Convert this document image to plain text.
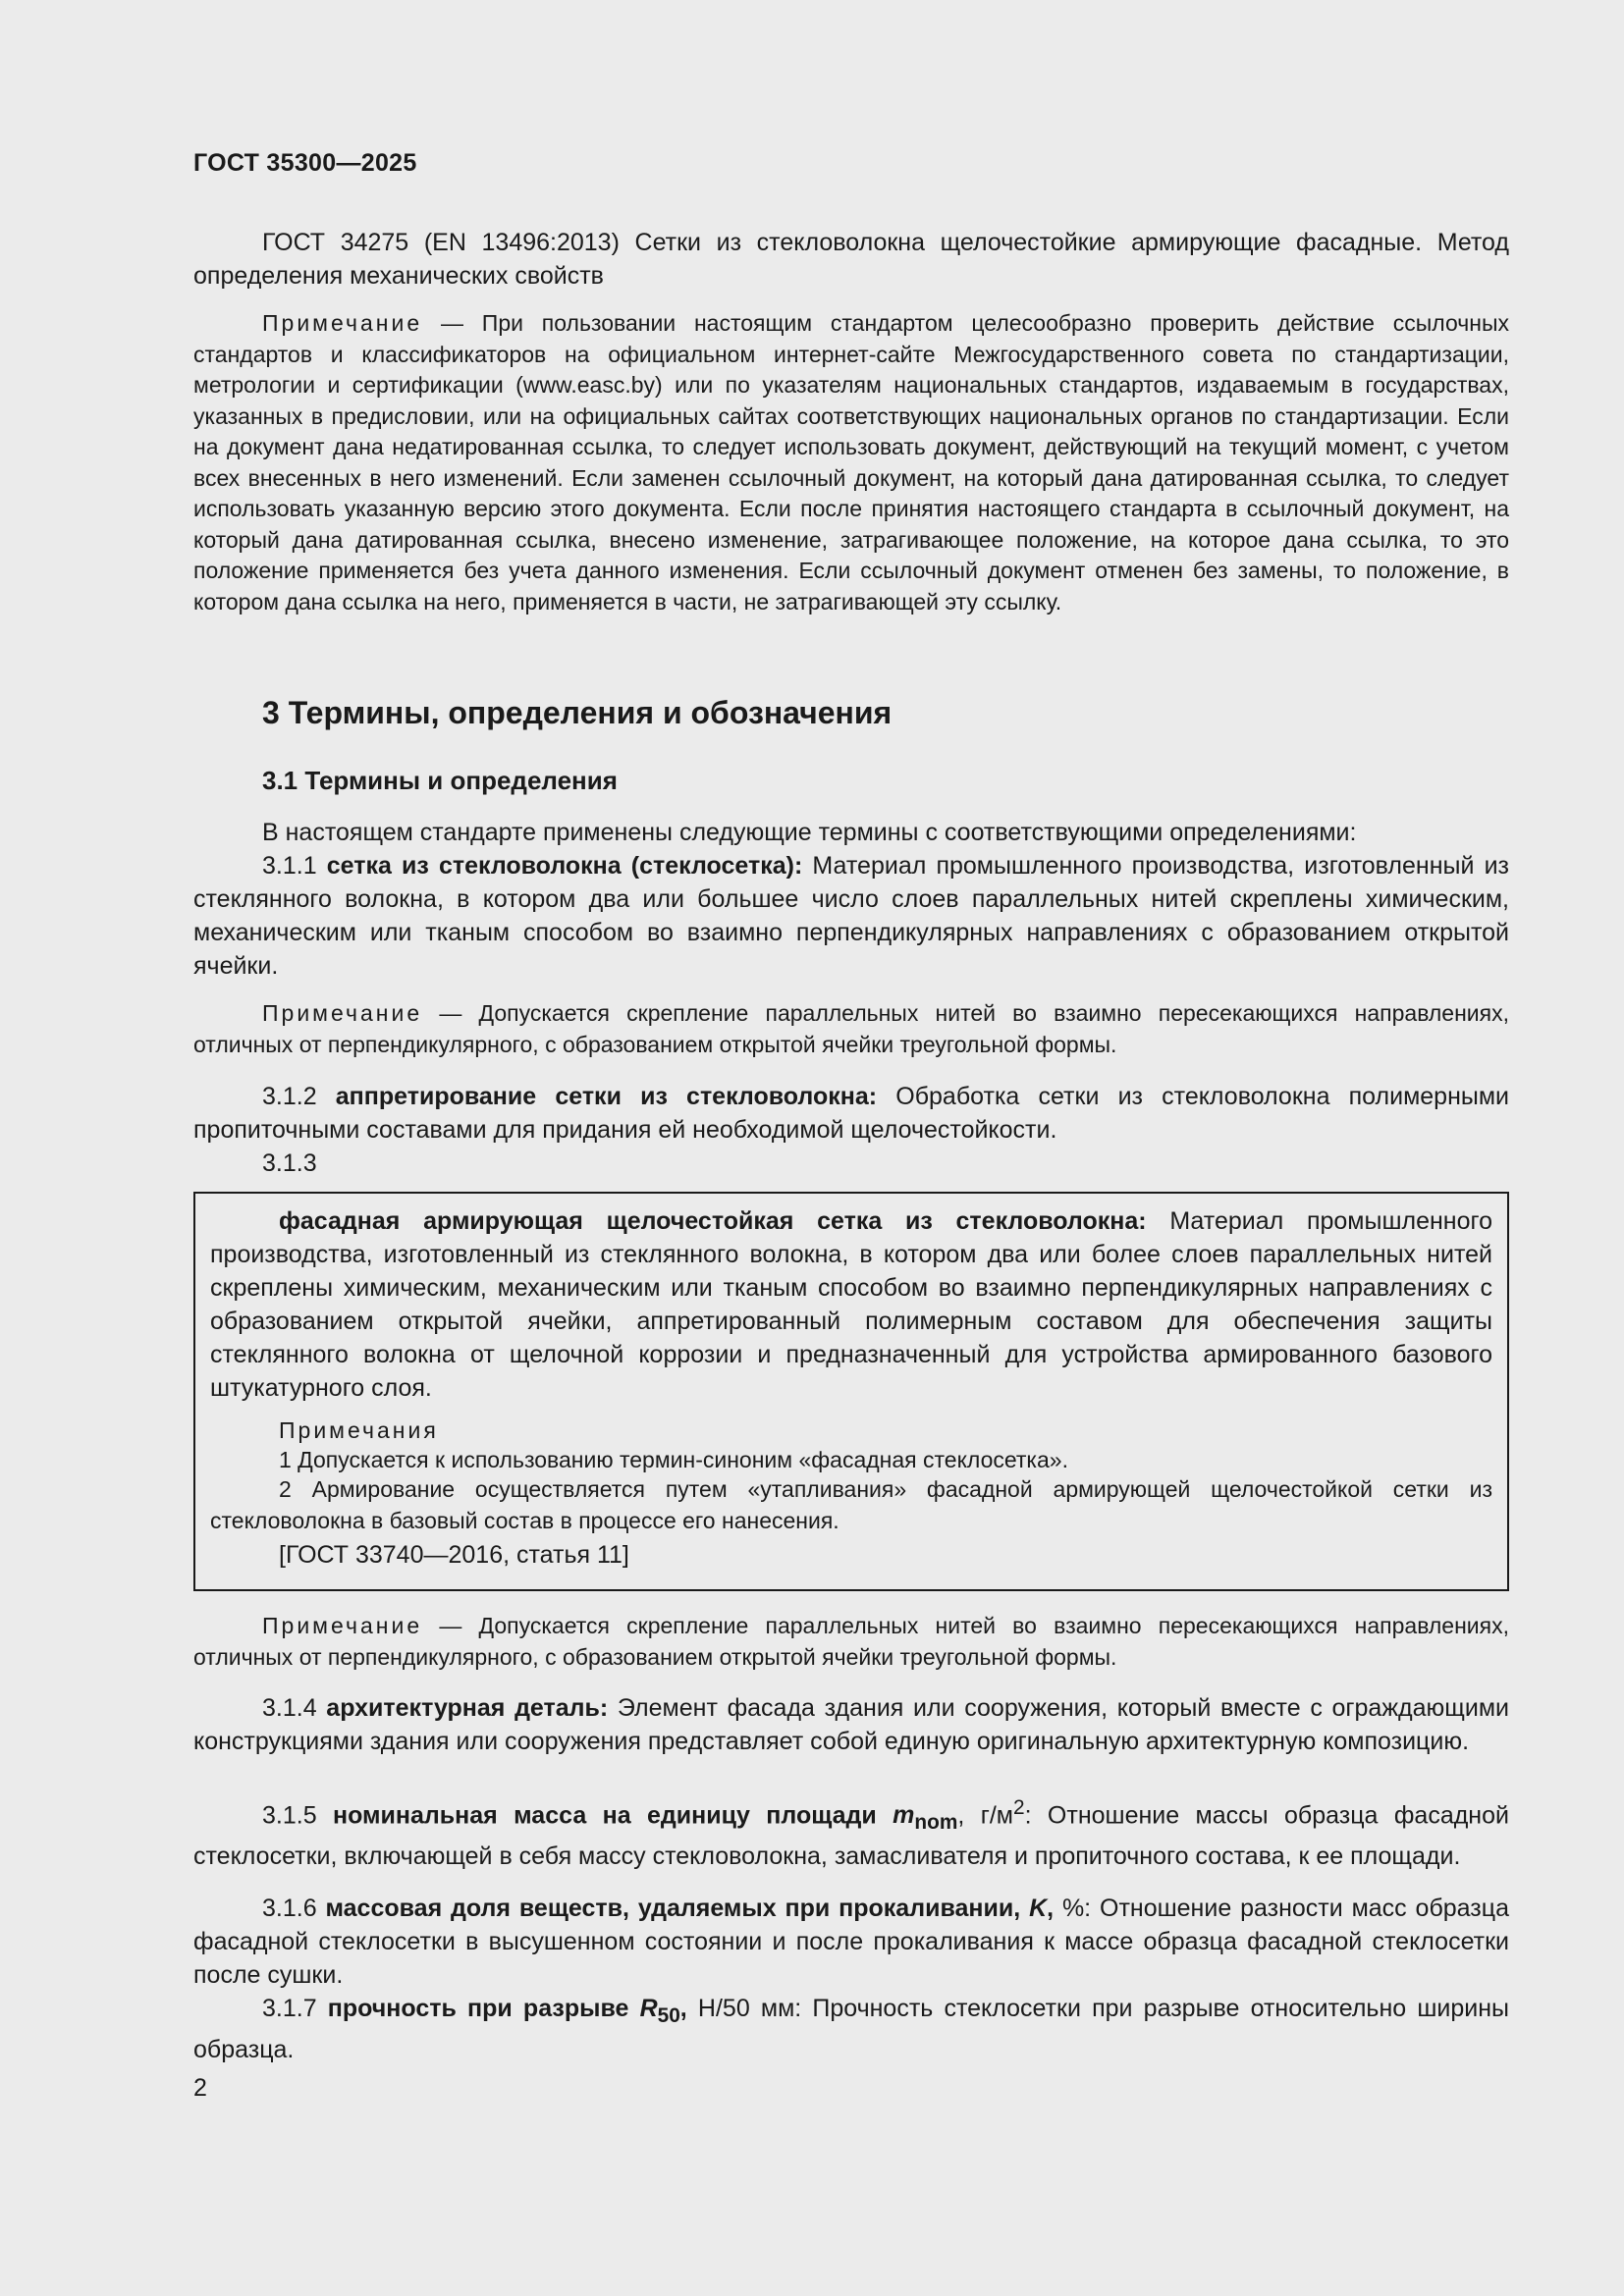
ГОСТ 35300—2025
ГОСТ 34275 (EN 13496:2013) Сетки из стекловолокна щелочестойкие армирующие фасадные. Метод определения механических свойств
Примечание — При пользовании настоящим стандартом целесообразно проверить действие ссылочных стандартов и классификаторов на официальном интернет-сайте Межгосударственного совета по стандартизации, метрологии и сертификации (www.easc.by) или по указателям национальных стандартов, издаваемым в государствах, указанных в предисловии, или на официальных сайтах соответствующих национальных органов по стандартизации. Если на документ дана недатированная ссылка, то следует использовать документ, действующий на текущий момент, с учетом всех внесенных в него изменений. Если заменен ссылочный документ, на который дана датированная ссылка, то следует использовать указанную версию этого документа. Если после принятия настоящего стандарта в ссылочный документ, на который дана датированная ссылка, внесено изменение, затрагивающее положение, на которое дана ссылка, то это положение применяется без учета данного изменения. Если ссылочный документ отменен без замены, то положение, в котором дана ссылка на него, применяется в части, не затрагивающей эту ссылку.
3 Термины, определения и обозначения
3.1 Термины и определения
В настоящем стандарте применены следующие термины с соответствующими определениями:
3.1.1 сетка из стекловолокна (стеклосетка): Материал промышленного производства, изготовленный из стеклянного волокна, в котором два или большее число слоев параллельных нитей скреплены химическим, механическим или тканым способом во взаимно перпендикулярных направлениях с образованием открытой ячейки.
Примечание — Допускается скрепление параллельных нитей во взаимно пересекающихся направлениях, отличных от перпендикулярного, с образованием открытой ячейки треугольной формы.
3.1.2 аппретирование сетки из стекловолокна: Обработка сетки из стекловолокна полимерными пропиточными составами для придания ей необходимой щелочестойкости.
3.1.3
фасадная армирующая щелочестойкая сетка из стекловолокна: Материал промышленного производства, изготовленный из стеклянного волокна, в котором два или более слоев параллельных нитей скреплены химическим, механическим или тканым способом во взаимно перпендикулярных направлениях с образованием открытой ячейки, аппретированный полимерным составом для обеспечения защиты стеклянного волокна от щелочной коррозии и предназначенный для устройства армированного базового штукатурного слоя.
Примечания
1 Допускается к использованию термин-синоним «фасадная стеклосетка».
2 Армирование осуществляется путем «утапливания» фасадной армирующей щелочестойкой сетки из стекловолокна в базовый состав в процессе его нанесения.
[ГОСТ 33740—2016, статья 11]
Примечание — Допускается скрепление параллельных нитей во взаимно пересекающихся направлениях, отличных от перпендикулярного, с образованием открытой ячейки треугольной формы.
3.1.4 архитектурная деталь: Элемент фасада здания или сооружения, который вместе с ограждающими конструкциями здания или сооружения представляет собой единую оригинальную архитектурную композицию.
3.1.5 номинальная масса на единицу площади $m_{nom}$, $г/м^2$: Отношение массы образца фасадной стеклосетки, включающей в себя массу стекловолокна, замасливателя и пропиточного состава, к ее площади.
3.1.6 массовая доля веществ, удаляемых при прокаливании, K, %: Отношение разности масс образца фасадной стеклосетки в высушенном состоянии и после прокаливания к массе образца фасадной стеклосетки после сушки.
3.1.7 прочность при разрыве $R_{50}$, Н/50 мм: Прочность стеклосетки при разрыве относительно ширины образца.
2
